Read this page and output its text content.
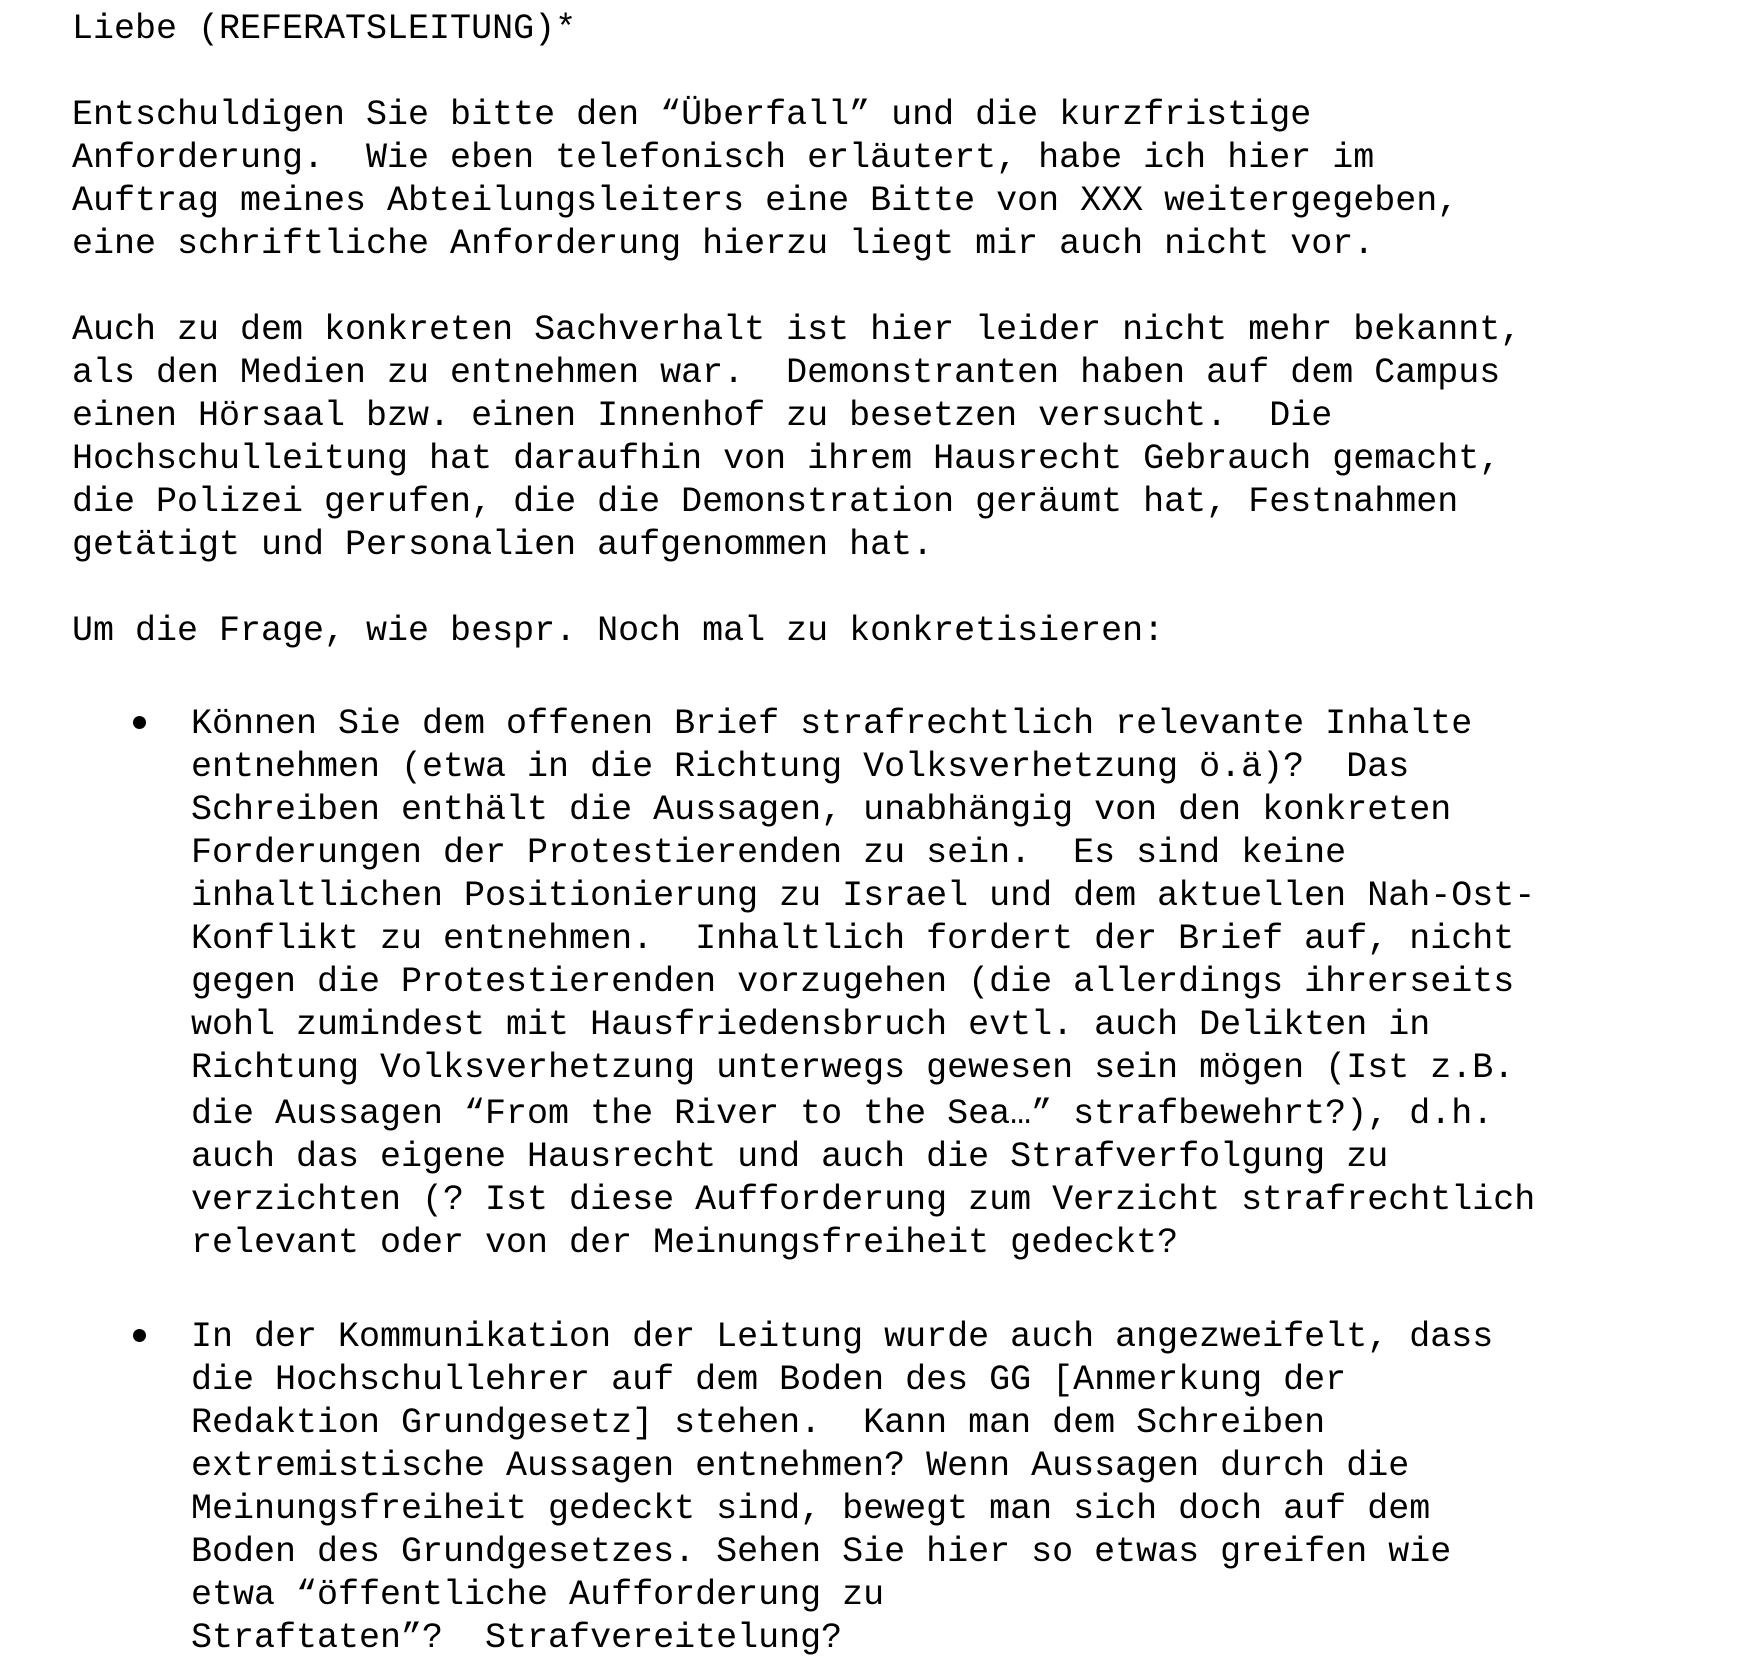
Liebe (REFERATSLEITUNG)*
Entschuldigen Sie bitte den “Überfall” und die kurzfristige
Anforderung.  Wie eben telefonisch erläutert, habe ich hier im
Auftrag meines Abteilungsleiters eine Bitte von XXX weitergegeben,
eine schriftliche Anforderung hierzu liegt mir auch nicht vor.
Auch zu dem konkreten Sachverhalt ist hier leider nicht mehr bekannt,
als den Medien zu entnehmen war.  Demonstranten haben auf dem Campus
einen Hörsaal bzw. einen Innenhof zu besetzen versucht.  Die
Hochschulleitung hat daraufhin von ihrem Hausrecht Gebrauch gemacht,
die Polizei gerufen, die die Demonstration geräumt hat, Festnahmen
getätigt und Personalien aufgenommen hat.
Um die Frage, wie bespr. Noch mal zu konkretisieren:
Können Sie dem offenen Brief strafrechtlich relevante Inhalte
entnehmen (etwa in die Richtung Volksverhetzung ö.ä)?  Das
Schreiben enthält die Aussagen, unabhängig von den konkreten
Forderungen der Protestierenden zu sein.  Es sind keine
inhaltlichen Positionierung zu Israel und dem aktuellen Nah-Ost-
Konflikt zu entnehmen.  Inhaltlich fordert der Brief auf, nicht
gegen die Protestierenden vorzugehen (die allerdings ihrerseits
wohl zumindest mit Hausfriedensbruch evtl. auch Delikten in
Richtung Volksverhetzung unterwegs gewesen sein mögen (Ist z.B.
die Aussagen “From the River to the Sea…” strafbewehrt?), d.h.
auch das eigene Hausrecht und auch die Strafverfolgung zu
verzichten (? Ist diese Aufforderung zum Verzicht strafrechtlich
relevant oder von der Meinungsfreiheit gedeckt?
In der Kommunikation der Leitung wurde auch angezweifelt, dass
die Hochschullehrer auf dem Boden des GG [Anmerkung der
Redaktion Grundgesetz] stehen.  Kann man dem Schreiben
extremistische Aussagen entnehmen? Wenn Aussagen durch die
Meinungsfreiheit gedeckt sind, bewegt man sich doch auf dem
Boden des Grundgesetzes. Sehen Sie hier so etwas greifen wie
etwa “öffentliche Aufforderung zu
Straftaten”?  Strafvereitelung?
